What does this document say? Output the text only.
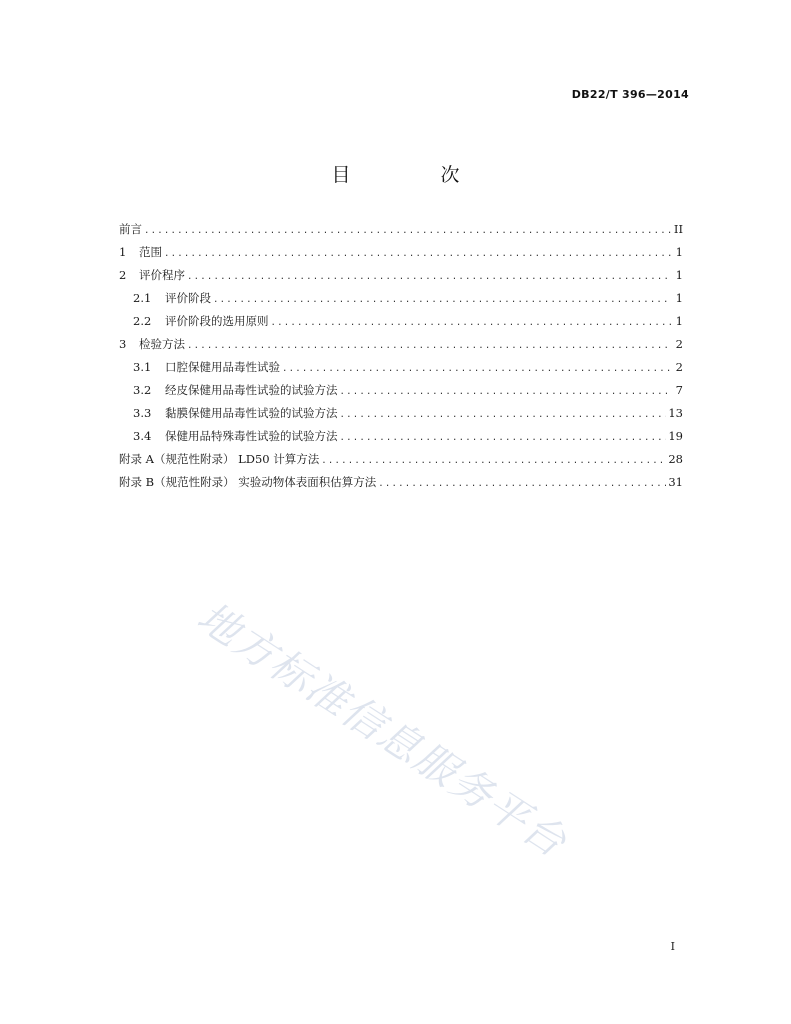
DB22/T 396—2014
目 次
前言 .....	II
1	范围 .....	1
2	评价程序 .....	1
2.1	评价阶段 .....	1
2.2	评价阶段的选用原则 .....	1
3	检验方法 .....	2
3.1	口腔保健用品毒性试验 .....	2
3.2	经皮保健用品毒性试验的试验方法 .....	7
3.3	黏膜保健用品毒性试验的试验方法 .....	13
3.4	保健用品特殊毒性试验的试验方法 .....	19
附录 A（规范性附录） LD50 计算方法 .....	28
附录 B（规范性附录） 实验动物体表面积估算方法 .....	31
地方标准信息服务平台
I
